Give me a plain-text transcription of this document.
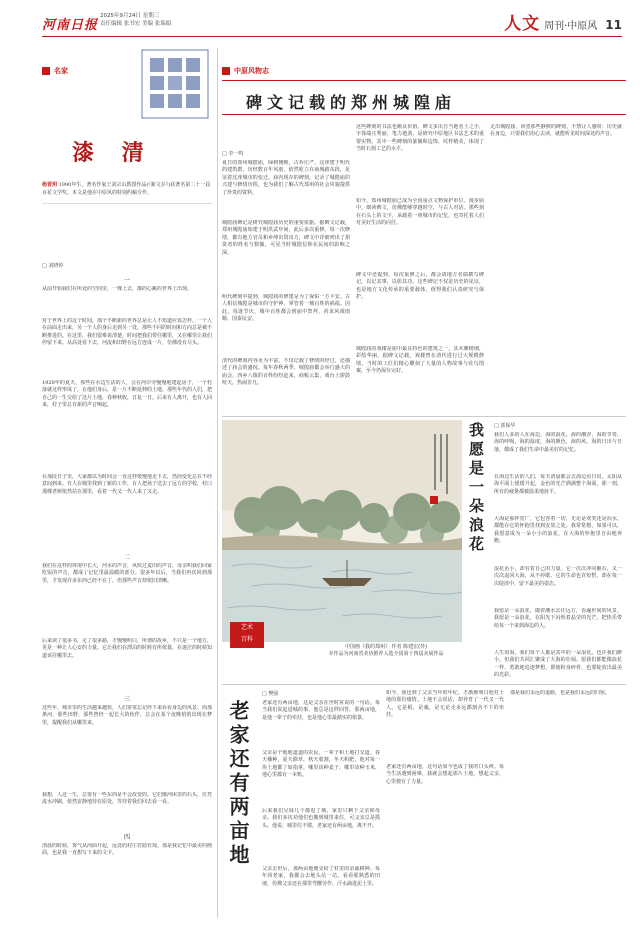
河南日报
2025年9月24日 星期三
责任编辑 张书宏 美编 张瑞娟	人文 周刊·中原风 11
名家
漆 清
杨晋玥 1990年生，著名作家王刘宗山教授作品(《新文存》)获著名第二十一届百花文学奖。本文是他在中原风的特别约稿专作。
□ 刘晓婷
一
从前开始我们在所处的空间里，一棵上去，都的心跳的世界上出现。
对于世界上的这个时间，那个不断新的世界总是让人不知道应该怎样。一个人在前面走出来，另一个人的身后走到另一处，那些不同的时间和方向总是被不断推进的。在这里，我们很难说清楚，时间把我们带往哪里，又在哪里让我们停留下来。从高处看下去，河流和田野在远方连成一片，仿佛没有尽头。
1920年的夏天，那些在水边生活的人，会在河岸旁慢慢地建起房子，一个村落就这样形成了。在他们身后，是一片不断延伸的土地。那些年代的人们，把自己的一生交给了这片土地，春种秋收，日复一日。后来有人离开，也有人回来，村子里总有新的声音响起。
在那段日子里，大家都以为时间会一直这样缓慢地走下去，然而变化总在不经意间到来。有人在城里找到了新的工作，有人把孩子送去了远方的学校，村口那棵老树依然站在那里，看着一代又一代人来了又走。
二
我们在这样的环境中长大，河水的声音，风吹过麦田的声音，母亲叫我们回家吃饭的声音，都成了记忆里最温暖的部分。很多年以后，当我们再次回到那里，才发现许多东西已经不在了，但那些声音却依旧清晰。
后来读了很多书，走了很多路，才慢慢明白，所谓的故乡，不只是一个地方，更是一种让人心安的力量。它让我们在漂泊的时候有所依靠，在迷茫的时候知道该往哪里去。
三
这些年，城市里的生活越来越快，人们常常忘记停下来看看身边的风景。而那条河，那些田野，那些曾经一起长大的伙伴，总会在某个夜晚悄悄出现在梦里，提醒我们从哪里来。
我想，人这一生，总要有一些东西是不会改变的。它们像河床里的石头，任凭流水冲刷，依然安静地待在原处，等待着我们回去看一看。
四
清晨的时候，雾气从河面升起，远处的村庄若隐若现。那是我记忆中最美的画面，也是我一直想写下来的文字。
中原风物志
碑文记载的郑州城隍庙
□ 李一鸣
夏日的郑州城隍庙，绿树掩映，古朴庄严。这座建于明代的建筑群，历经数百年风雨，依然屹立在商城路东段，见证着这座城市的变迁。庙内现存的碑刻，记录了城隍庙的兴建与修缮历程，也为我们了解古代郑州的社会风貌提供了珍贵的资料。
城隍庙碑记是研究城隍庙历史的重要依据。据碑文记载，郑州城隍庙始建于明洪武年间，此后多次重修。每一次修缮，都有地方官员和乡绅出资出力，碑文中详细列出了捐资者的姓名与数额，可见当时城隍信仰在民间的影响之深。
明代碑刻中提到，城隍庙的修建是为了保佑一方平安。古人相信城隍是城市的守护神，掌管着一城百姓的祸福。因此，每逢节庆，城中百姓都会到庙中祭拜，祈求风调雨顺、国泰民安。
清代的碑刻内容更为丰富，不仅记载了修缮的经过，还描述了庙会的盛况。每年春秋两季，城隍庙都会举行盛大的庙会，四乡八镇的百姓纷纷赶来，商贩云集，戏台上锣鼓喧天，热闹非凡。
这些碑刻的书法也颇具价值。碑文多出自当地名士之手，字体端庄秀丽，笔力遒劲，是研究中原地区书法艺术的重要实物。其中一些碑刻的篆额和边饰，纹样精美，体现了当时石刻工艺的水平。
如今，郑州城隍庙已成为全国重点文物保护单位。漫步庙中，细读碑文，仿佛能够穿越时空，与古人对话。那些刻在石头上的文字，承载着一座城市的记忆，也寄托着人们对美好生活的向往。
碑文中还提到，每次重修之后，都会请地方名儒撰写碑记，以记其事，以彰其功。这些碑记不仅是历史的见证，也是地方文化传承的重要载体，值得我们认真研究与保护。
城隍庙的戏楼是庙中最具特色的建筑之一，其木雕精细，彩绘华丽。据碑文记载，戏楼曾在清代进行过大规模修缮，当时的工匠们精心雕刻了大量的人物故事与花鸟图案，至今仍保存完好。
走出城隍庙，回望那些静默的碑刻，不禁让人感叹：历史就在身边，只要我们用心去读，就能听见时间深处的声音。
艺术
百科
中国画《我的郑州》 作者 陈建宏(外)
本作品为河南省美协推荐入选全国第十四届美展作品
我愿是一朵浪花	□ 郭保华
我们人多的人在海边，海的浪花，海的潮汐，海的节奏，海的呼吸，海的温度，海的颜色，海的风，海的日出与日落，都成了我们生命中最美好的记忆。
在海边生活的人们，每天清晨都会去海边看日出。太阳从海平面上缓缓升起，金色的光芒洒满整个海面，那一刻，所有的疲惫都被温柔地抚平。
大海是那样宽广，它包容着一切，无论是欢笑还是泪水，都能在它的怀抱里找到安放之处。我常常想，如果可以，我愿意成为一朵小小的浪花，在大海的怀抱里自由地奔跑。
浪花虽小，却有着自己的力量。它一次次冲向礁石，又一次次退回大海，从不停歇。它的生命也许短暂，却在每一次绽放中，留下最美的姿态。
我愿是一朵浪花，随着潮水去往远方，看遍世间的风景。我愿是一朵浪花，在阳光下闪烁着晶莹的光芒，把快乐带给每一个来到海边的人。
人生如海，我们每个人都是其中的一朵浪花。也许我们渺小，但我们共同汇聚成了大海的壮阔。愿我们都能像浪花一样，勇敢地追逐梦想，即使粉身碎骨，也要绽放出最美的光彩。
老家还有两亩地
□ 樊强
老家还有两亩地，这是父亲在世时常说的一句话。每当我们说起进城的事，他总是这样回答。那两亩地，是他一辈子的牵挂，也是他心里最踏实的依靠。
父亲是个地地道道的农民，一辈子和土地打交道。春天播种，夏天除草，秋天收割，冬天积肥，他对每一块土地都了如指掌，哪里该种麦子，哪里该种玉米，他心里都有一本账。
后来我们兄妹几个都进了城，家里只剩下父亲和母亲。我们多次劝他们也搬到城里来住，可父亲总是摇头。他说，城里住不惯，老家还有两亩地，离不开。
父亲去世后，那两亩地便交给了村里的亲戚耕种。每年回老家，我都会去地头站一站，看看那熟悉的田埂，仿佛父亲还在那里弯腰劳作，汗水滴进泥土里。
如今，我也到了父亲当年的年纪，才渐渐明白他对土地的那份感情。土地不会说话，却养育了一代又一代人。它是根，是魂，是无论走多远都割舍不下的牵挂。
老家还有两亩地，这句话如今也成了我的口头禅。每当生活遇到困难，我就会想起那片土地，想起父亲，心里便有了力量。
那是我们永远的退路，也是我们永远的归宿。
